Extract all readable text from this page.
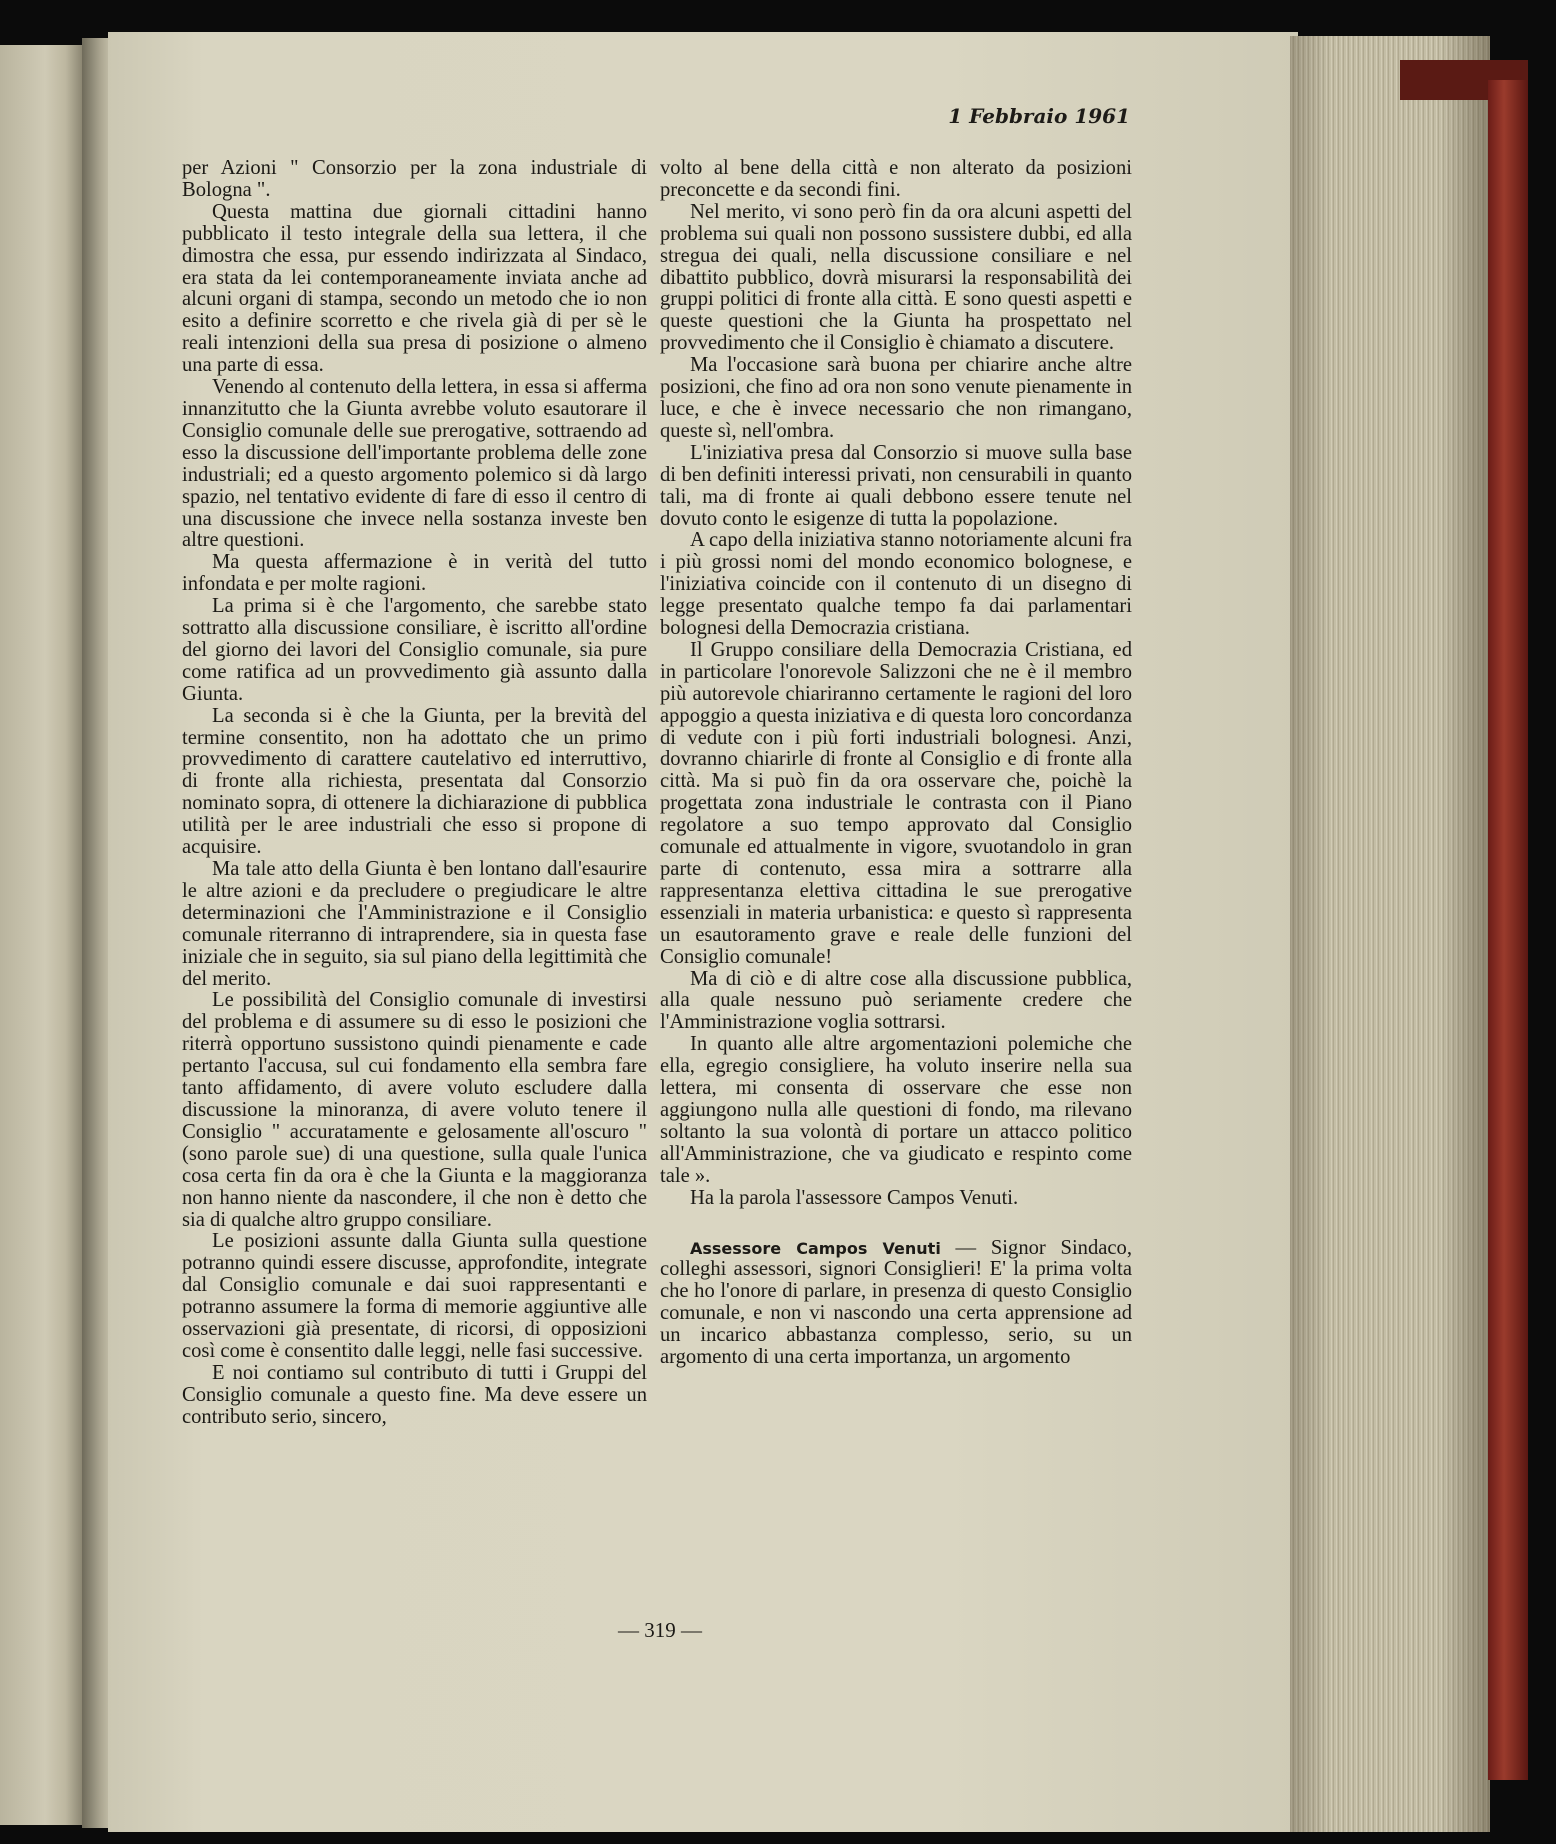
1 Febbraio 1961

per Azioni " Consorzio per la zona industriale di Bologna ".

Questa mattina due giornali cittadini hanno pubblicato il testo integrale della sua lettera, il che dimostra che essa, pur essendo indirizzata al Sindaco, era stata da lei contemporaneamente inviata anche ad alcuni organi di stampa, secondo un metodo che io non esito a definire scorretto e che rivela già di per sè le reali intenzioni della sua presa di posizione o almeno una parte di essa.

Venendo al contenuto della lettera, in essa si afferma innanzitutto che la Giunta avrebbe voluto esautorare il Consiglio comunale delle sue prerogative, sottraendo ad esso la discussione dell'importante problema delle zone industriali; ed a questo argomento polemico si dà largo spazio, nel tentativo evidente di fare di esso il centro di una discussione che invece nella sostanza investe ben altre questioni.

Ma questa affermazione è in verità del tutto infondata e per molte ragioni.

La prima si è che l'argomento, che sarebbe stato sottratto alla discussione consiliare, è iscritto all'ordine del giorno dei lavori del Consiglio comunale, sia pure come ratifica ad un provvedimento già assunto dalla Giunta.

La seconda si è che la Giunta, per la brevità del termine consentito, non ha adottato che un primo provvedimento di carattere cautelativo ed interruttivo, di fronte alla richiesta, presentata dal Consorzio nominato sopra, di ottenere la dichiarazione di pubblica utilità per le aree industriali che esso si propone di acquisire.

Ma tale atto della Giunta è ben lontano dall'esaurire le altre azioni e da precludere o pregiudicare le altre determinazioni che l'Amministrazione e il Consiglio comunale riterranno di intraprendere, sia in questa fase iniziale che in seguito, sia sul piano della legittimità che del merito.

Le possibilità del Consiglio comunale di investirsi del problema e di assumere su di esso le posizioni che riterrà opportuno sussistono quindi pienamente e cade pertanto l'accusa, sul cui fondamento ella sembra fare tanto affidamento, di avere voluto escludere dalla discussione la minoranza, di avere voluto tenere il Consiglio " accuratamente e gelosamente all'oscuro " (sono parole sue) di una questione, sulla quale l'unica cosa certa fin da ora è che la Giunta e la maggioranza non hanno niente da nascondere, il che non è detto che sia di qualche altro gruppo consiliare.

Le posizioni assunte dalla Giunta sulla questione potranno quindi essere discusse, approfondite, integrate dal Consiglio comunale e dai suoi rappresentanti e potranno assumere la forma di memorie aggiuntive alle osservazioni già presentate, di ricorsi, di opposizioni così come è consentito dalle leggi, nelle fasi successive.

E noi contiamo sul contributo di tutti i Gruppi del Consiglio comunale a questo fine. Ma deve essere un contributo serio, sincero,

volto al bene della città e non alterato da posizioni preconcette e da secondi fini.

Nel merito, vi sono però fin da ora alcuni aspetti del problema sui quali non possono sussistere dubbi, ed alla stregua dei quali, nella discussione consiliare e nel dibattito pubblico, dovrà misurarsi la responsabilità dei gruppi politici di fronte alla città. E sono questi aspetti e queste questioni che la Giunta ha prospettato nel provvedimento che il Consiglio è chiamato a discutere.

Ma l'occasione sarà buona per chiarire anche altre posizioni, che fino ad ora non sono venute pienamente in luce, e che è invece necessario che non rimangano, queste sì, nell'ombra.

L'iniziativa presa dal Consorzio si muove sulla base di ben definiti interessi privati, non censurabili in quanto tali, ma di fronte ai quali debbono essere tenute nel dovuto conto le esigenze di tutta la popolazione.

A capo della iniziativa stanno notoriamente alcuni fra i più grossi nomi del mondo economico bolognese, e l'iniziativa coincide con il contenuto di un disegno di legge presentato qualche tempo fa dai parlamentari bolognesi della Democrazia cristiana.

Il Gruppo consiliare della Democrazia Cristiana, ed in particolare l'onorevole Salizzoni che ne è il membro più autorevole chiariranno certamente le ragioni del loro appoggio a questa iniziativa e di questa loro concordanza di vedute con i più forti industriali bolognesi. Anzi, dovranno chiarirle di fronte al Consiglio e di fronte alla città. Ma si può fin da ora osservare che, poichè la progettata zona industriale le contrasta con il Piano regolatore a suo tempo approvato dal Consiglio comunale ed attualmente in vigore, svuotandolo in gran parte di contenuto, essa mira a sottrarre alla rappresentanza elettiva cittadina le sue prerogative essenziali in materia urbanistica: e questo sì rappresenta un esautoramento grave e reale delle funzioni del Consiglio comunale!

Ma di ciò e di altre cose alla discussione pubblica, alla quale nessuno può seriamente credere che l'Amministrazione voglia sottrarsi.

In quanto alle altre argomentazioni polemiche che ella, egregio consigliere, ha voluto inserire nella sua lettera, mi consenta di osservare che esse non aggiungono nulla alle questioni di fondo, ma rilevano soltanto la sua volontà di portare un attacco politico all'Amministrazione, che va giudicato e respinto come tale ».

Ha la parola l'assessore Campos Venuti.

Assessore Campos Venuti — Signor Sindaco, colleghi assessori, signori Consiglieri! E' la prima volta che ho l'onore di parlare, in presenza di questo Consiglio comunale, e non vi nascondo una certa apprensione ad un incarico abbastanza complesso, serio, su un argomento di una certa importanza, un argomento

— 319 —
